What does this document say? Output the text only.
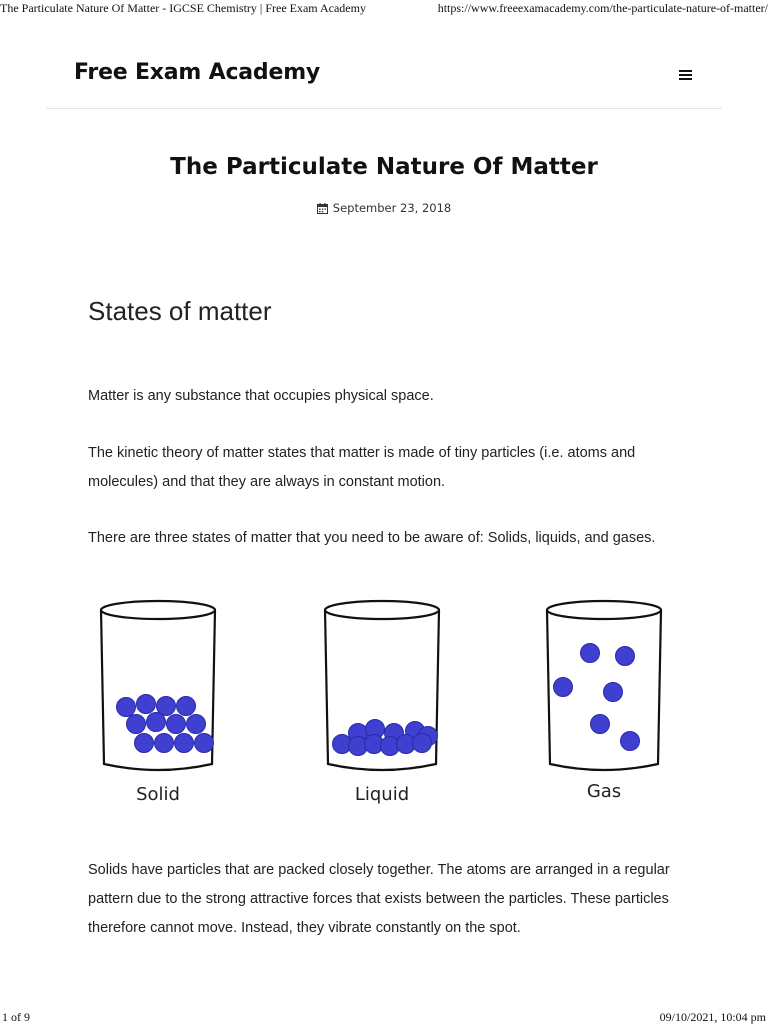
The Particulate Nature Of Matter - IGCSE Chemistry | Free Exam Academy	https://www.freeexamacademy.com/the-particulate-nature-of-matter/
Free Exam Academy
The Particulate Nature Of Matter
September 23, 2018
States of matter

Matter is any substance that occupies physical space.

The kinetic theory of matter states that matter is made of tiny particles (i.e. atoms and molecules) and that they are always in constant motion.

There are three states of matter that you need to be aware of: Solids, liquids, and gases.

Solid	Liquid	Gas

Solids have particles that are packed closely together. The atoms are arranged in a regular pattern due to the strong attractive forces that exists between the particles. These particles therefore cannot move. Instead, they vibrate constantly on the spot.

1 of 9	09/10/2021, 10:04 pm
